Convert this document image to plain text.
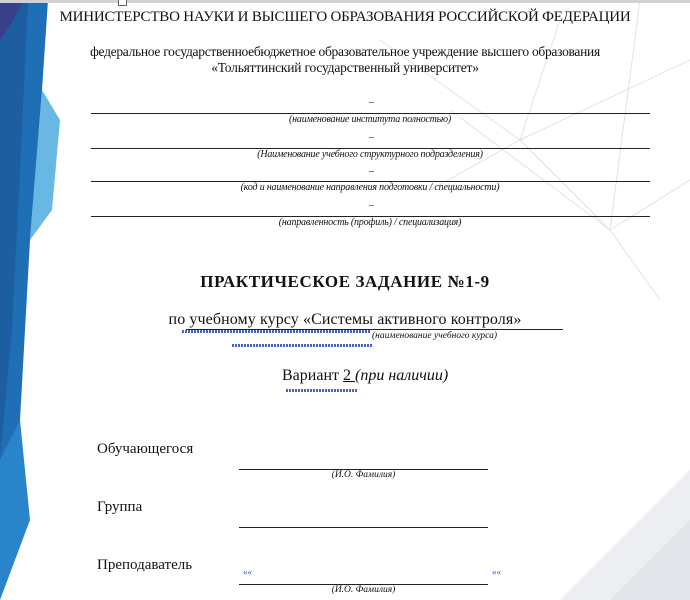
МИНИСТЕРСТВО НАУКИ И ВЫСШЕГО ОБРАЗОВАНИЯ РОССИЙСКОЙ ФЕДЕРАЦИИ
федеральное государственноебюджетное образовательное учреждение высшего образования
«Тольяттинский государственный университет»
–
(наименование института полностью)
–
(Наименование учебного структурного подразделения)
–
(код и наименование направления подготовки / специальности)
–
(направленность (профиль) / специализация)
ПРАКТИЧЕСКОЕ ЗАДАНИЕ №1-9
по учебному курсу «Системы активного контроля»
(наименование учебного курса)
Вариант 2 (при наличии)
Обучающегося
(И.О. Фамилия)
Группа
Преподаватель	««	««
(И.О. Фамилия)
